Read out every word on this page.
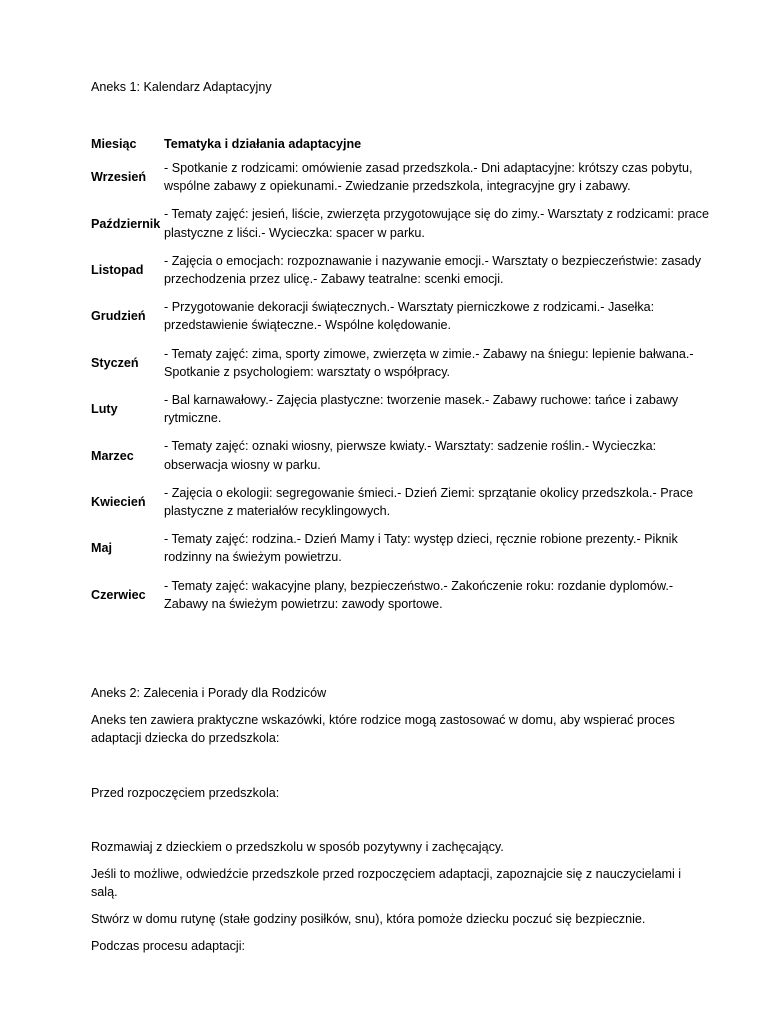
Aneks 1: Kalendarz Adaptacyjny
Miesiąc	Tematyka i działania adaptacyjne
Wrzesień	- Spotkanie z rodzicami: omówienie zasad przedszkola.- Dni adaptacyjne: krótszy czas pobytu, wspólne zabawy z opiekunami.- Zwiedzanie przedszkola, integracyjne gry i zabawy.
Październik	- Tematy zajęć: jesień, liście, zwierzęta przygotowujące się do zimy.- Warsztaty z rodzicami: prace plastyczne z liści.- Wycieczka: spacer w parku.
Listopad	- Zajęcia o emocjach: rozpoznawanie i nazywanie emocji.- Warsztaty o bezpieczeństwie: zasady przechodzenia przez ulicę.- Zabawy teatralne: scenki emocji.
Grudzień	- Przygotowanie dekoracji świątecznych.- Warsztaty pierniczkowe z rodzicami.- Jasełka: przedstawienie świąteczne.- Wspólne kolędowanie.
Styczeń	- Tematy zajęć: zima, sporty zimowe, zwierzęta w zimie.- Zabawy na śniegu: lepienie bałwana.- Spotkanie z psychologiem: warsztaty o współpracy.
Luty	- Bal karnawałowy.- Zajęcia plastyczne: tworzenie masek.- Zabawy ruchowe: tańce i zabawy rytmiczne.
Marzec	- Tematy zajęć: oznaki wiosny, pierwsze kwiaty.- Warsztaty: sadzenie roślin.- Wycieczka: obserwacja wiosny w parku.
Kwiecień	- Zajęcia o ekologii: segregowanie śmieci.- Dzień Ziemi: sprzątanie okolicy przedszkola.- Prace plastyczne z materiałów recyklingowych.
Maj	- Tematy zajęć: rodzina.- Dzień Mamy i Taty: występ dzieci, ręcznie robione prezenty.- Piknik rodzinny na świeżym powietrzu.
Czerwiec	- Tematy zajęć: wakacyjne plany, bezpieczeństwo.- Zakończenie roku: rozdanie dyplomów.- Zabawy na świeżym powietrzu: zawody sportowe.
Aneks 2: Zalecenia i Porady dla Rodziców

Aneks ten zawiera praktyczne wskazówki, które rodzice mogą zastosować w domu, aby wspierać proces adaptacji dziecka do przedszkola:

Przed rozpoczęciem przedszkola:

Rozmawiaj z dzieckiem o przedszkolu w sposób pozytywny i zachęcający.

Jeśli to możliwe, odwiedźcie przedszkole przed rozpoczęciem adaptacji, zapoznajcie się z nauczycielami i salą.

Stwórz w domu rutynę (stałe godziny posiłków, snu), która pomoże dziecku poczuć się bezpiecznie.

Podczas procesu adaptacji:
